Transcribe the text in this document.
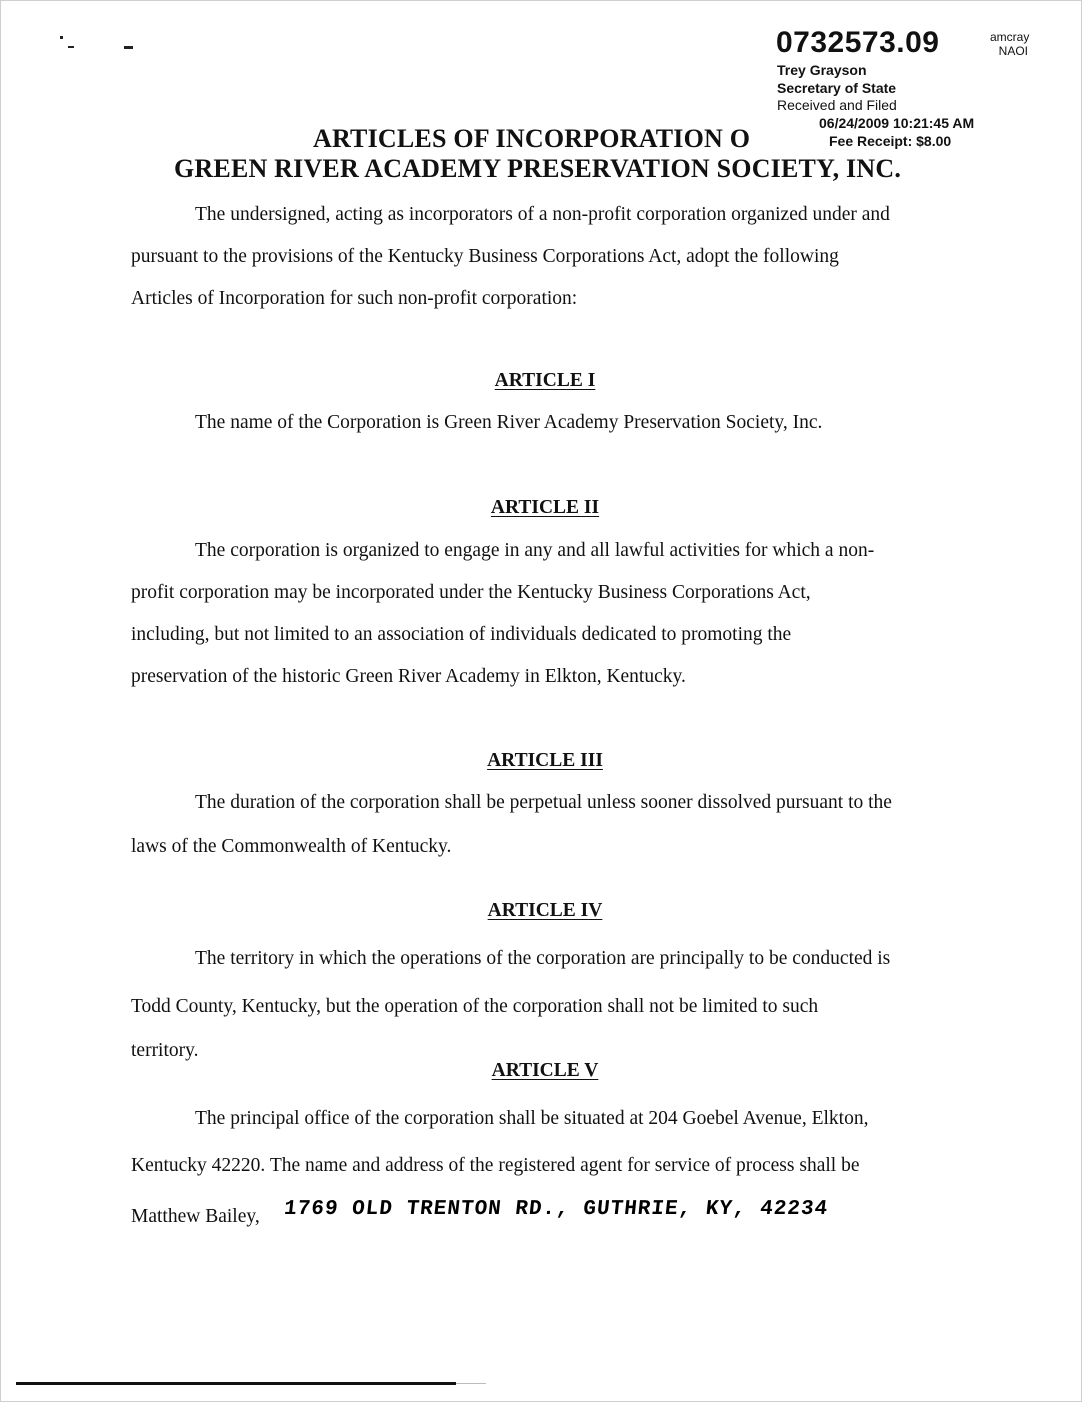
0732573.09	amcray
NAOI
Trey Grayson
Secretary of State
Received and Filed
06/24/2009 10:21:45 AM
Fee Receipt: $8.00
ARTICLES OF INCORPORATION O
GREEN RIVER ACADEMY PRESERVATION SOCIETY, INC.
The undersigned, acting as incorporators of a non-profit corporation organized under and
pursuant to the provisions of the Kentucky Business Corporations Act, adopt the following
Articles of Incorporation for such non-profit corporation:
ARTICLE I
The name of the Corporation is Green River Academy Preservation Society, Inc.
ARTICLE II
The corporation is organized to engage in any and all lawful activities for which a non-
profit corporation may be incorporated under the Kentucky Business Corporations Act,
including, but not limited to an association of individuals dedicated to promoting the
preservation of the historic Green River Academy in Elkton, Kentucky.
ARTICLE III
The duration of the corporation shall be perpetual unless sooner dissolved pursuant to the
laws of the Commonwealth of Kentucky.
ARTICLE IV
The territory in which the operations of the corporation are principally to be conducted is
Todd County, Kentucky, but the operation of the corporation shall not be limited to such
territory.
ARTICLE V
The principal office of the corporation shall be situated at 204 Goebel Avenue, Elkton,
Kentucky 42220. The name and address of the registered agent for service of process shall be
Matthew Bailey, 1769 OLD TRENTON RD., GUTHRIE, KY, 42234
